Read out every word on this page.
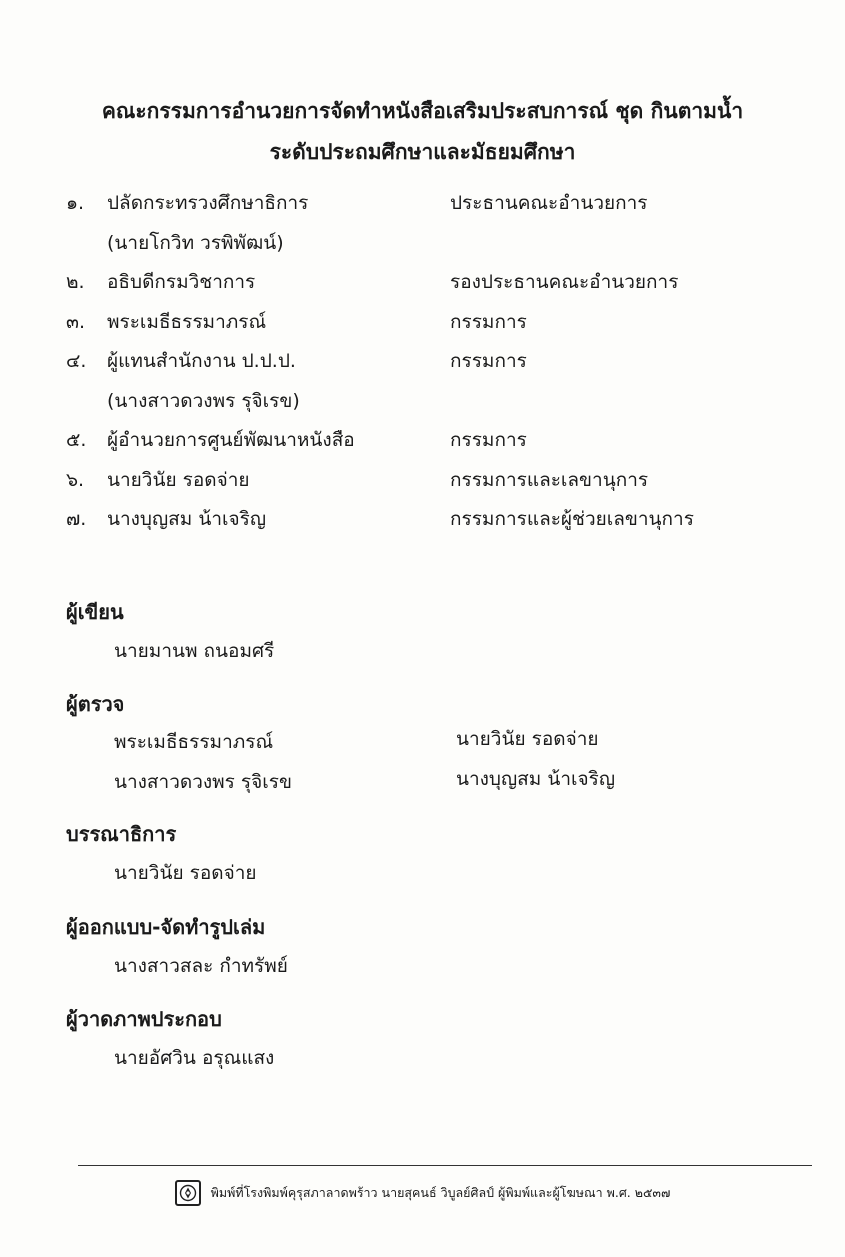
คณะกรรมการอำนวยการจัดทำหนังสือเสริมประสบการณ์ ชุด กินตามน้ำ
ระดับประถมศึกษาและมัธยมศึกษา
๑.	ปลัดกระทรวงศึกษาธิการ	ประธานคณะอำนวยการ
(นายโกวิท วรพิพัฒน์)
๒.	อธิบดีกรมวิชาการ	รองประธานคณะอำนวยการ
๓.	พระเมธีธรรมาภรณ์	กรรมการ
๔.	ผู้แทนสำนักงาน ป.ป.ป.	กรรมการ
(นางสาวดวงพร รุจิเรข)
๕.	ผู้อำนวยการศูนย์พัฒนาหนังสือ	กรรมการ
๖.	นายวินัย รอดจ่าย	กรรมการและเลขานุการ
๗.	นางบุญสม น้าเจริญ	กรรมการและผู้ช่วยเลขานุการ
ผู้เขียน
นายมานพ ถนอมศรี
ผู้ตรวจ
พระเมธีธรรมาภรณ์	นายวินัย รอดจ่าย
นางสาวดวงพร รุจิเรข	นางบุญสม น้าเจริญ
บรรณาธิการ
นายวินัย รอดจ่าย
ผู้ออกแบบ-จัดทำรูปเล่ม
นางสาวสละ กำทรัพย์
ผู้วาดภาพประกอบ
นายอัศวิน อรุณแสง
พิมพ์ที่โรงพิมพ์คุรุสภาลาดพร้าว นายสุคนธ์ วิบูลย์ศิลป์ ผู้พิมพ์และผู้โฆษณา พ.ศ. ๒๕๓๗
